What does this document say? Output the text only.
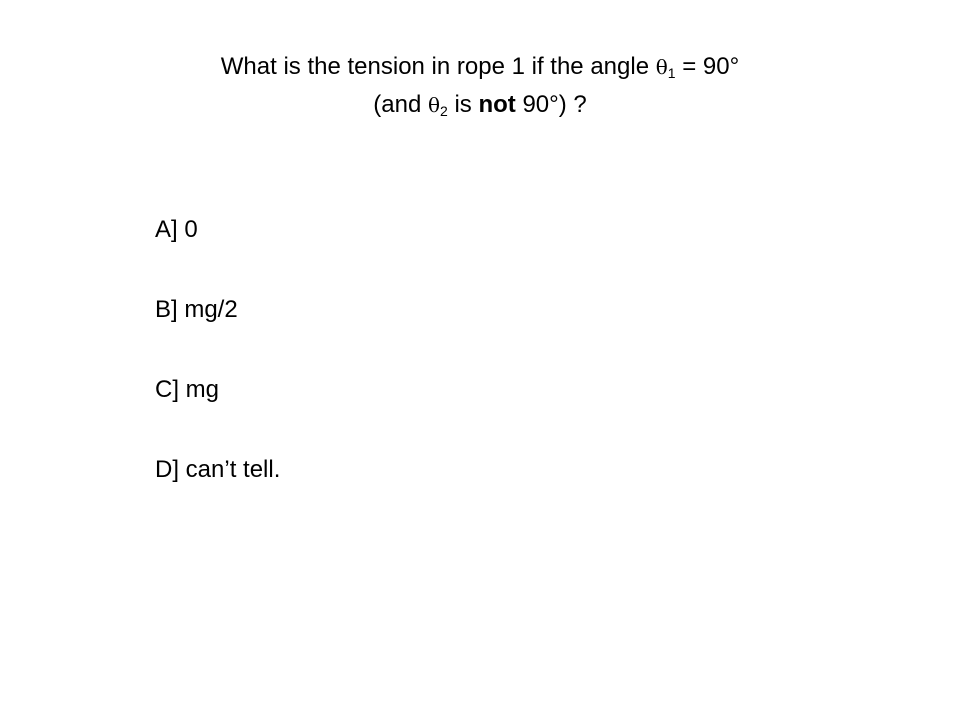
What is the tension in rope 1 if the angle $\theta_1 = 90^\circ$
(and $\theta_2$ is not 90°) ?
A] 0
B] mg/2
C] mg
D] can’t tell.
